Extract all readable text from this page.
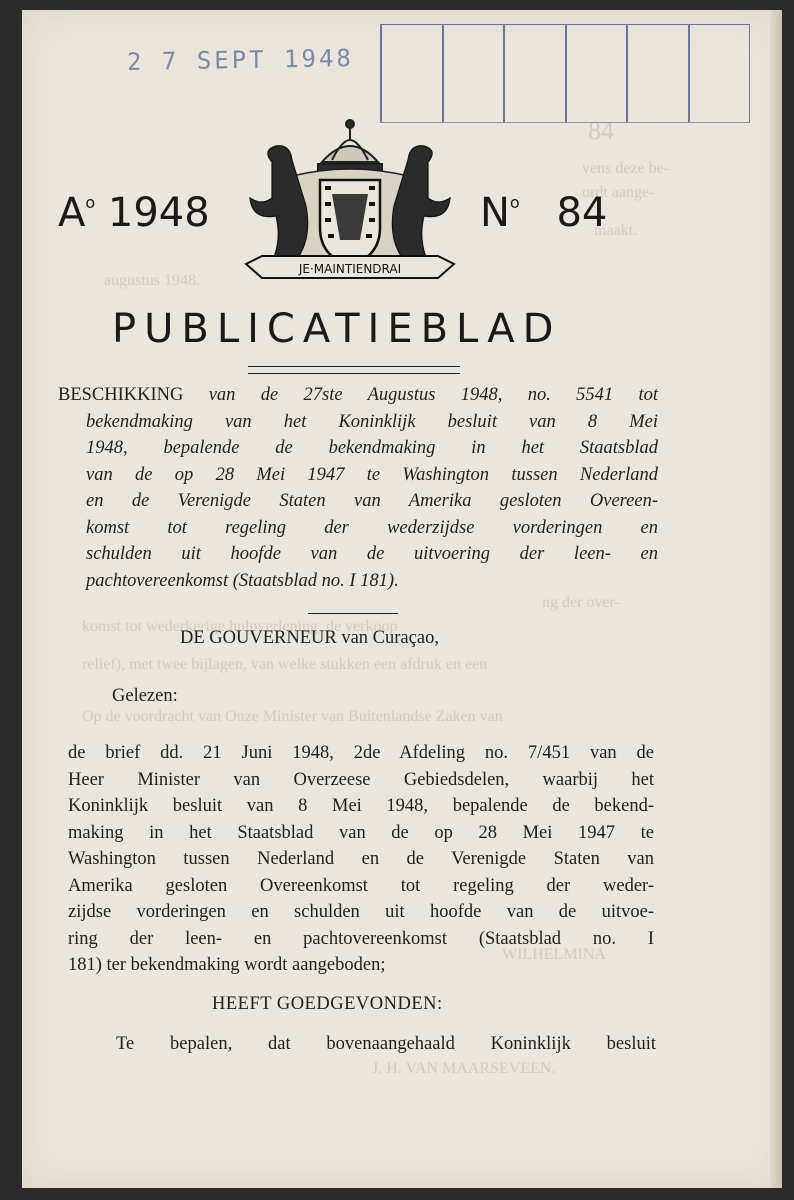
2 7 SEPT 1948
$A^o$ 1948
JE·MAINTIENDRAI
$N^o$ 84
84
vens deze be-
ordt aange-
maakt.
augustus 1948.
PUBLICATIEBLAD
BESCHIKKING van de 27ste Augustus 1948, no. 5541 tot
bekendmaking van het Koninklijk besluit van 8 Mei
1948, bepalende de bekendmaking in het Staatsblad
van de op 28 Mei 1947 te Washington tussen Nederland
en de Verenigde Staten van Amerika gesloten Overeen-
komst tot regeling der wederzijdse vorderingen en
schulden uit hoofde van de uitvoering der leen- en
pachtovereenkomst (Staatsblad no. I 181).
ng der over-
komst tot wederkerige hulpverlening, de verkoop
relief), met twee bijlagen, van welke stukken een afdruk en een
Op de voordracht van Onze Minister van Buitenlandse Zaken van
WILHELMINA
J. H. VAN MAARSEVEEN.
DE GOUVERNEUR van Curaçao,
Gelezen:
de brief dd. 21 Juni 1948, 2de Afdeling no. 7/451 van de
Heer Minister van Overzeese Gebiedsdelen, waarbij het
Koninklijk besluit van 8 Mei 1948, bepalende de bekend-
making in het Staatsblad van de op 28 Mei 1947 te
Washington tussen Nederland en de Verenigde Staten van
Amerika gesloten Overeenkomst tot regeling der weder-
zijdse vorderingen en schulden uit hoofde van de uitvoe-
ring der leen- en pachtovereenkomst (Staatsblad no. I
181) ter bekendmaking wordt aangeboden;
HEEFT GOEDGEVONDEN:
Te bepalen, dat bovenaangehaald Koninklijk besluit
